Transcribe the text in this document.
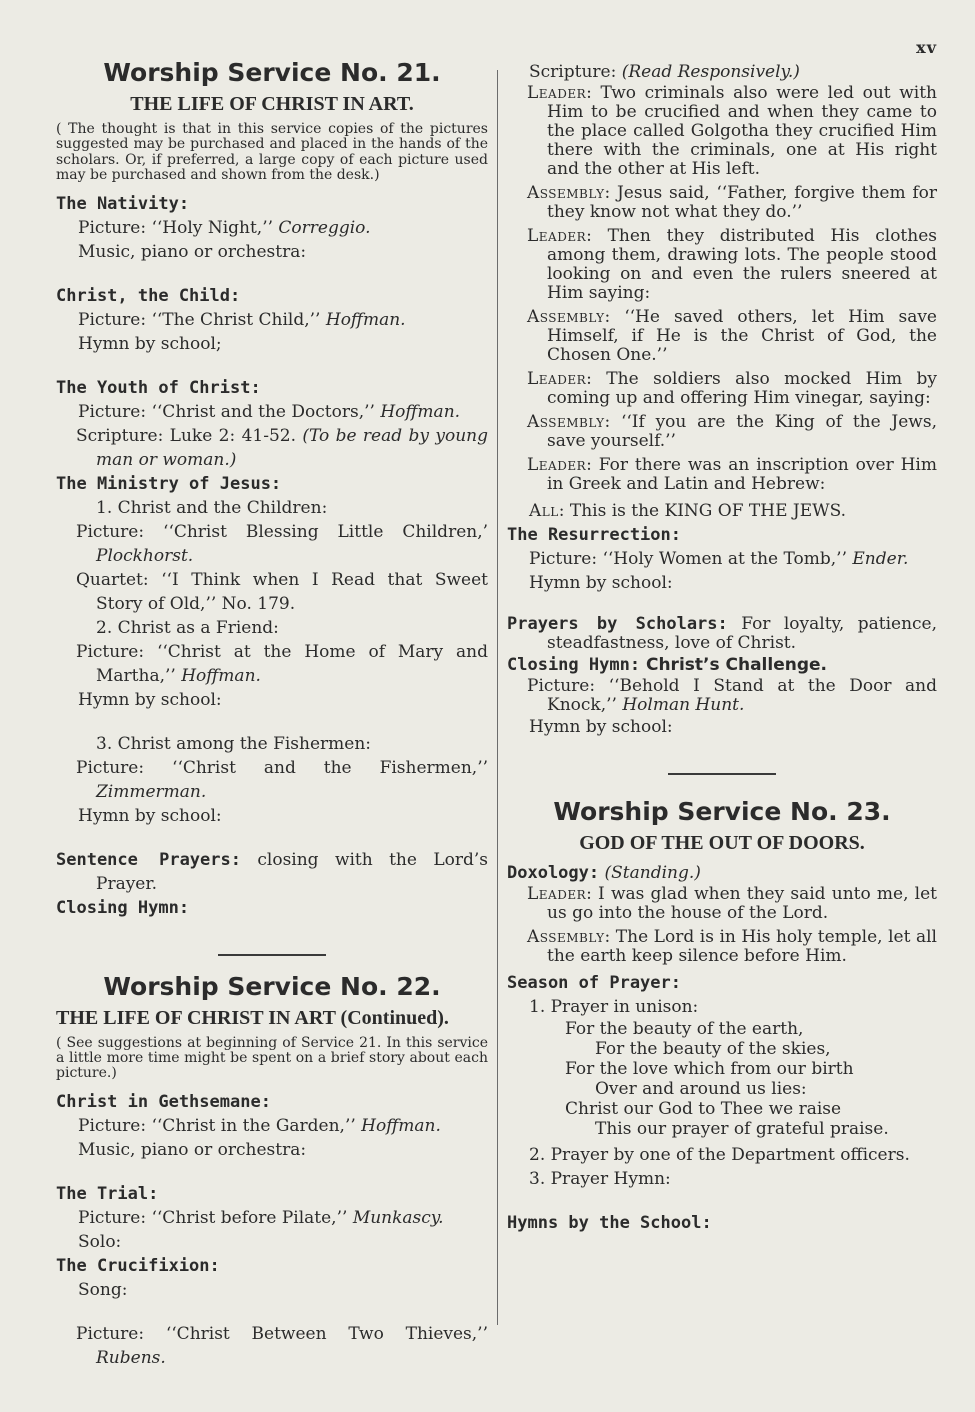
xv
Worship Service No. 21.
THE LIFE OF CHRIST IN ART.

( The thought is that in this service copies of the pictures suggested may be purchased and placed in the hands of the scholars. Or, if preferred, a large copy of each picture used may be purchased and shown from the desk.)

The Nativity:

Picture: ‘‘Holy Night,’’ Correggio.

Music, piano or orchestra:

Christ, the Child:

Picture: ‘‘The Christ Child,’’ Hoffman.

Hymn by school;

The Youth of Christ:

Picture: ‘‘Christ and the Doctors,’’ Hoffman.

Scripture: Luke 2: 41-52. (To be read by young man or woman.)

The Ministry of Jesus:

1. Christ and the Children:

Picture: ‘‘Christ Blessing Little Children,’ Plockhorst.

Quartet: ‘‘I Think when I Read that Sweet Story of Old,’’ No. 179.

2. Christ as a Friend:

Picture: ‘‘Christ at the Home of Mary and Martha,’’ Hoffman.

Hymn by school:

3. Christ among the Fishermen:

Picture: ‘‘Christ and the Fishermen,’’ Zimmerman.

Hymn by school:

Sentence Prayers: closing with the Lord’s Prayer.

Closing Hymn:

Worship Service No. 22.
THE LIFE OF CHRIST IN ART (Continued).

( See suggestions at beginning of Service 21. In this service a little more time might be spent on a brief story about each picture.)

Christ in Gethsemane:

Picture: ‘‘Christ in the Garden,’’ Hoffman.

Music, piano or orchestra:

The Trial:

Picture: ‘‘Christ before Pilate,’’ Munkascy.

Solo:

The Crucifixion:

Song:

Picture: ‘‘Christ Between Two Thieves,’’ Rubens.

Scripture: (Read Responsively.)

Leader: Two criminals also were led out with Him to be crucified and when they came to the place called Golgotha they crucified Him there with the criminals, one at His right and the other at His left.

Assembly: Jesus said, ‘‘Father, forgive them for they know not what they do.’’

Leader: Then they distributed His clothes among them, drawing lots. The people stood looking on and even the rulers sneered at Him saying:

Assembly: ‘‘He saved others, let Him save Himself, if He is the Christ of God, the Chosen One.’’

Leader: The soldiers also mocked Him by coming up and offering Him vinegar, saying:

Assembly: ‘‘If you are the King of the Jews, save yourself.’’

Leader: For there was an inscription over Him in Greek and Latin and Hebrew:

All: This is the KING OF THE JEWS.

The Resurrection:

Picture: ‘‘Holy Women at the Tomb,’’ Ender.

Hymn by school:

Prayers by Scholars: For loyalty, patience, steadfastness, love of Christ.

Closing Hymn: Christ’s Challenge.

Picture: ‘‘Behold I Stand at the Door and Knock,’’ Holman Hunt.

Hymn by school:

Worship Service No. 23.
GOD OF THE OUT OF DOORS.

Doxology: (Standing.)

Leader: I was glad when they said unto me, let us go into the house of the Lord.

Assembly: The Lord is in His holy temple, let all the earth keep silence before Him.

Season of Prayer:

1. Prayer in unison:

For the beauty of the earth,

For the beauty of the skies,

For the love which from our birth

Over and around us lies:

Christ our God to Thee we raise

This our prayer of grateful praise.

2. Prayer by one of the Department officers.

3. Prayer Hymn:

Hymns by the School:
